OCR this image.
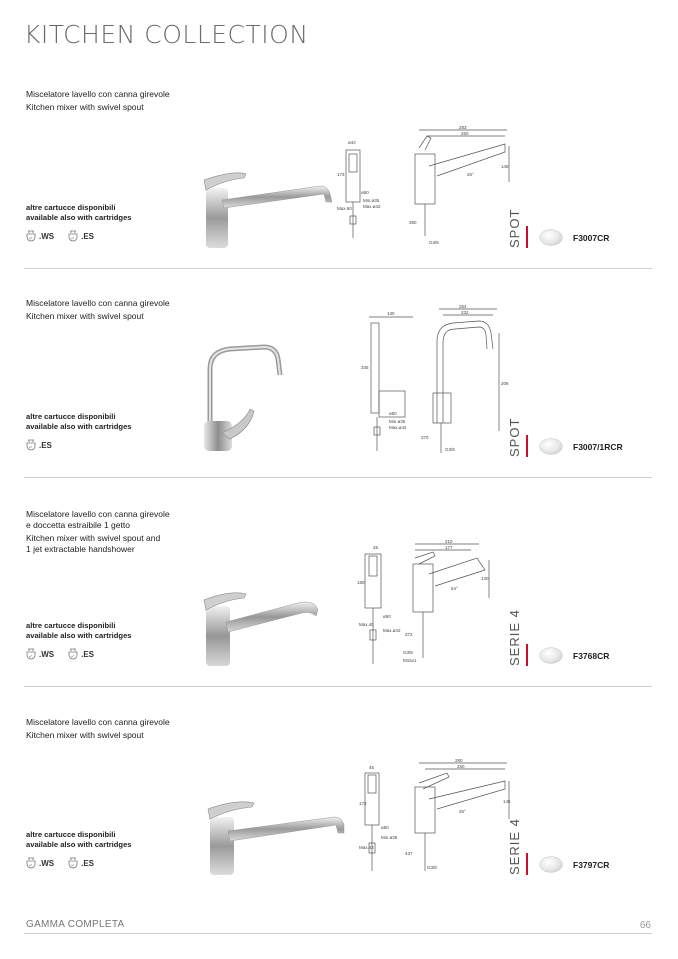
KITCHEN COLLECTION
Miscelatore lavello con canna girevole
Kitchen mixer with swivel spout
altre cartucce disponibili
available also with cartridges
.WS	.ES
283
250
ø44
173
ø50
Min.ø35
Max.ø42
25°
145
Max.60
380
G3/8	SPOT	F3007CR
Miscelatore lavello con canna girevole
Kitchen mixer with swivel spout
altre cartucce disponibili
available also with cartridges
.ES
254
232
130
335
ø50
Min.ø35
Max.ø42
206
370
G3/8	SPOT	F3007/1RCR
Miscelatore lavello con canna girevole
e doccetta estraibile 1 getto
Kitchen mixer with swivel spout and
1 jet extractable handshower
altre cartucce disponibili
available also with cartridges
.WS	.ES
210
177
45
180
ø50
Max.ø42
54°
130
Max.40
372
G3/8
M15x1	SERIE 4	F3768CR
Miscelatore lavello con canna girevole
Kitchen mixer with swivel spout
altre cartucce disponibili
available also with cartridges
.WS	.ES
280
250
45
173
ø50
Min.ø35
25°
145
Max.42
437
G3/8	SERIE 4	F3797CR
GAMMA COMPLETA	66
